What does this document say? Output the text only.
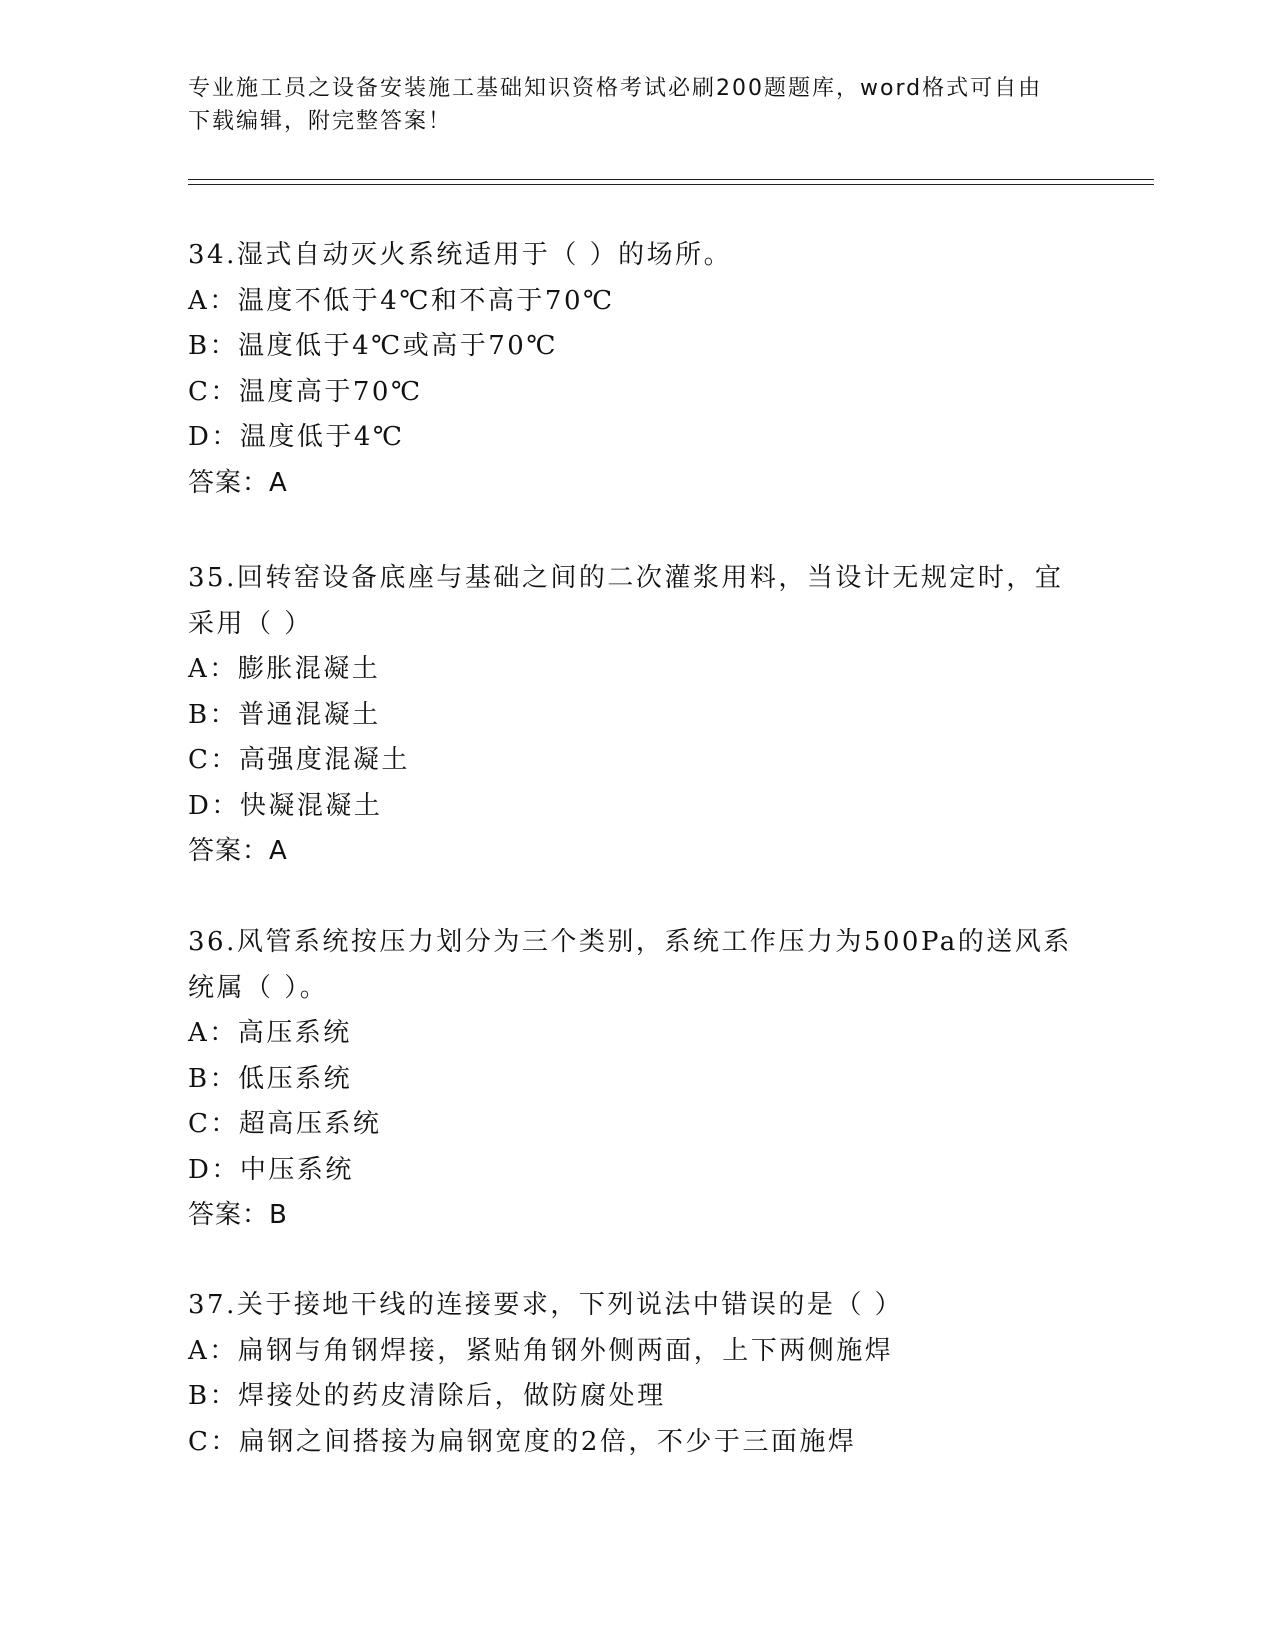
专业施工员之设备安装施工基础知识资格考试必刷200题题库，word格式可自由
下载编辑，附完整答案！
34.湿式自动灭火系统适用于（ ）的场所。
A：温度不低于4℃和不高于70℃
B：温度低于4℃或高于70℃
C：温度高于70℃
D：温度低于4℃
答案：A
35.回转窑设备底座与基础之间的二次灌浆用料，当设计无规定时，宜
采用（ ）
A：膨胀混凝土
B：普通混凝土
C：高强度混凝土
D：快凝混凝土
答案：A
36.风管系统按压力划分为三个类别，系统工作压力为500Pa的送风系
统属（ ）。
A：高压系统
B：低压系统
C：超高压系统
D：中压系统
答案：B
37.关于接地干线的连接要求，下列说法中错误的是（ ）
A：扁钢与角钢焊接，紧贴角钢外侧两面，上下两侧施焊
B：焊接处的药皮清除后，做防腐处理
C：扁钢之间搭接为扁钢宽度的2倍，不少于三面施焊
